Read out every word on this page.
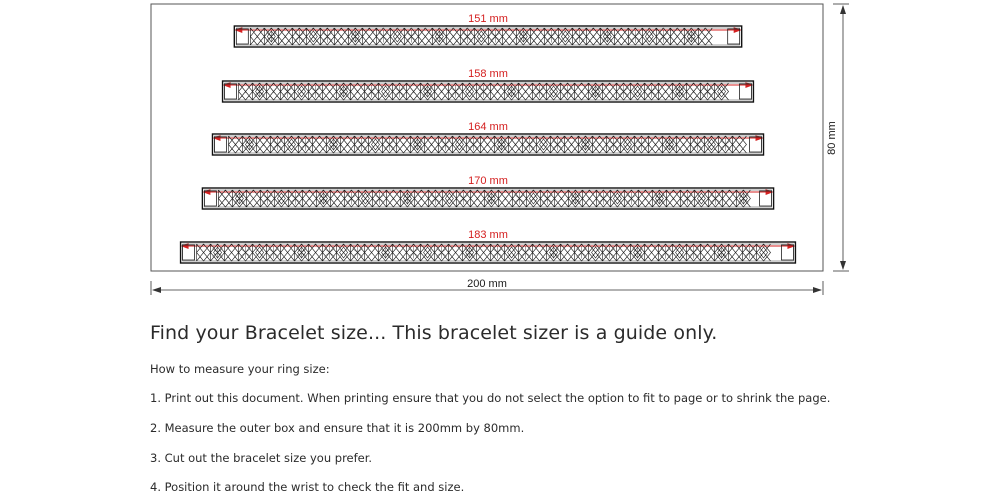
80 mm
200 mm
151 mm
158 mm
164 mm
170 mm
183 mm
Find your Bracelet size... This bracelet sizer is a guide only.
How to measure your ring size:
1. Print out this document. When printing ensure that you do not select the option to fit to page or to shrink the page.
2. Measure the outer box and ensure that it is 200mm by 80mm.
3. Cut out the bracelet size you prefer.
4. Position it around the wrist to check the fit and size.
